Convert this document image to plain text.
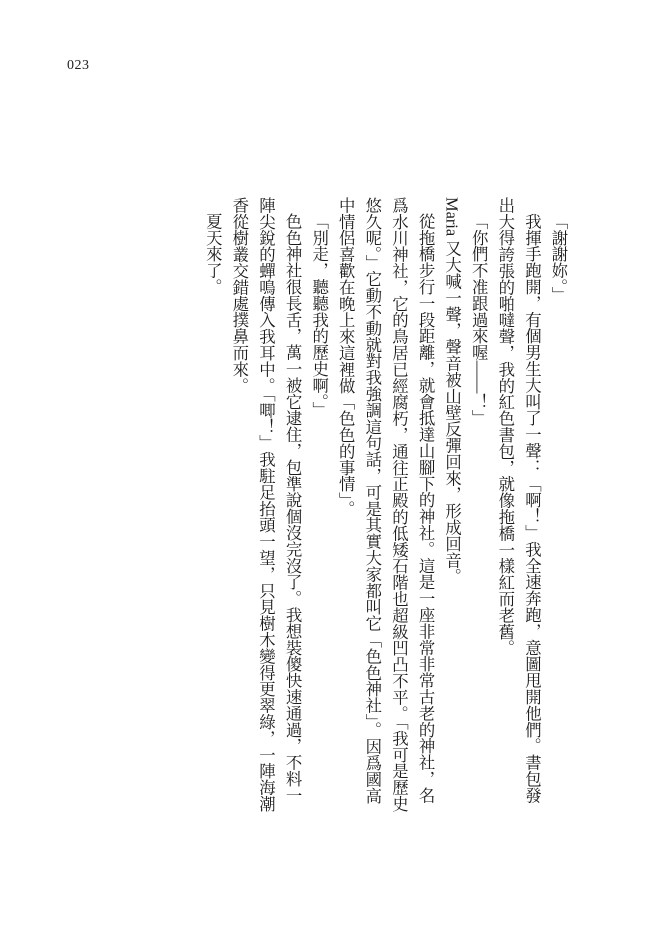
023
「謝謝妳。」
我揮手跑開，有個男生大叫了一聲：「啊！」我全速奔跑，意圖甩開他們。書包發
出大得誇張的啪噠聲，我的紅色書包，就像拖橋一樣紅而老舊。
「你們不准跟過來喔——！」
Maria 又大喊一聲，聲音被山壁反彈回來，形成回音。
從拖橋步行一段距離，就會抵達山腳下的神社。這是一座非常非常古老的神社，名
爲水川神社，它的鳥居已經腐朽，通往正殿的低矮石階也超級凹凸不平。「我可是歷史
悠久呢。」它動不動就對我強調這句話，可是其實大家都叫它「色色神社」。因爲國高
中情侶喜歡在晚上來這裡做「色色的事情」。
「別走，聽聽我的歷史啊。」
色色神社很長舌，萬一被它逮住，包準說個沒完沒了。我想裝傻快速通過，不料一
陣尖銳的蟬鳴傳入我耳中。「唧！」我駐足抬頭一望，只見樹木變得更翠綠，一陣海潮
香從樹叢交錯處撲鼻而來。
夏天來了。
